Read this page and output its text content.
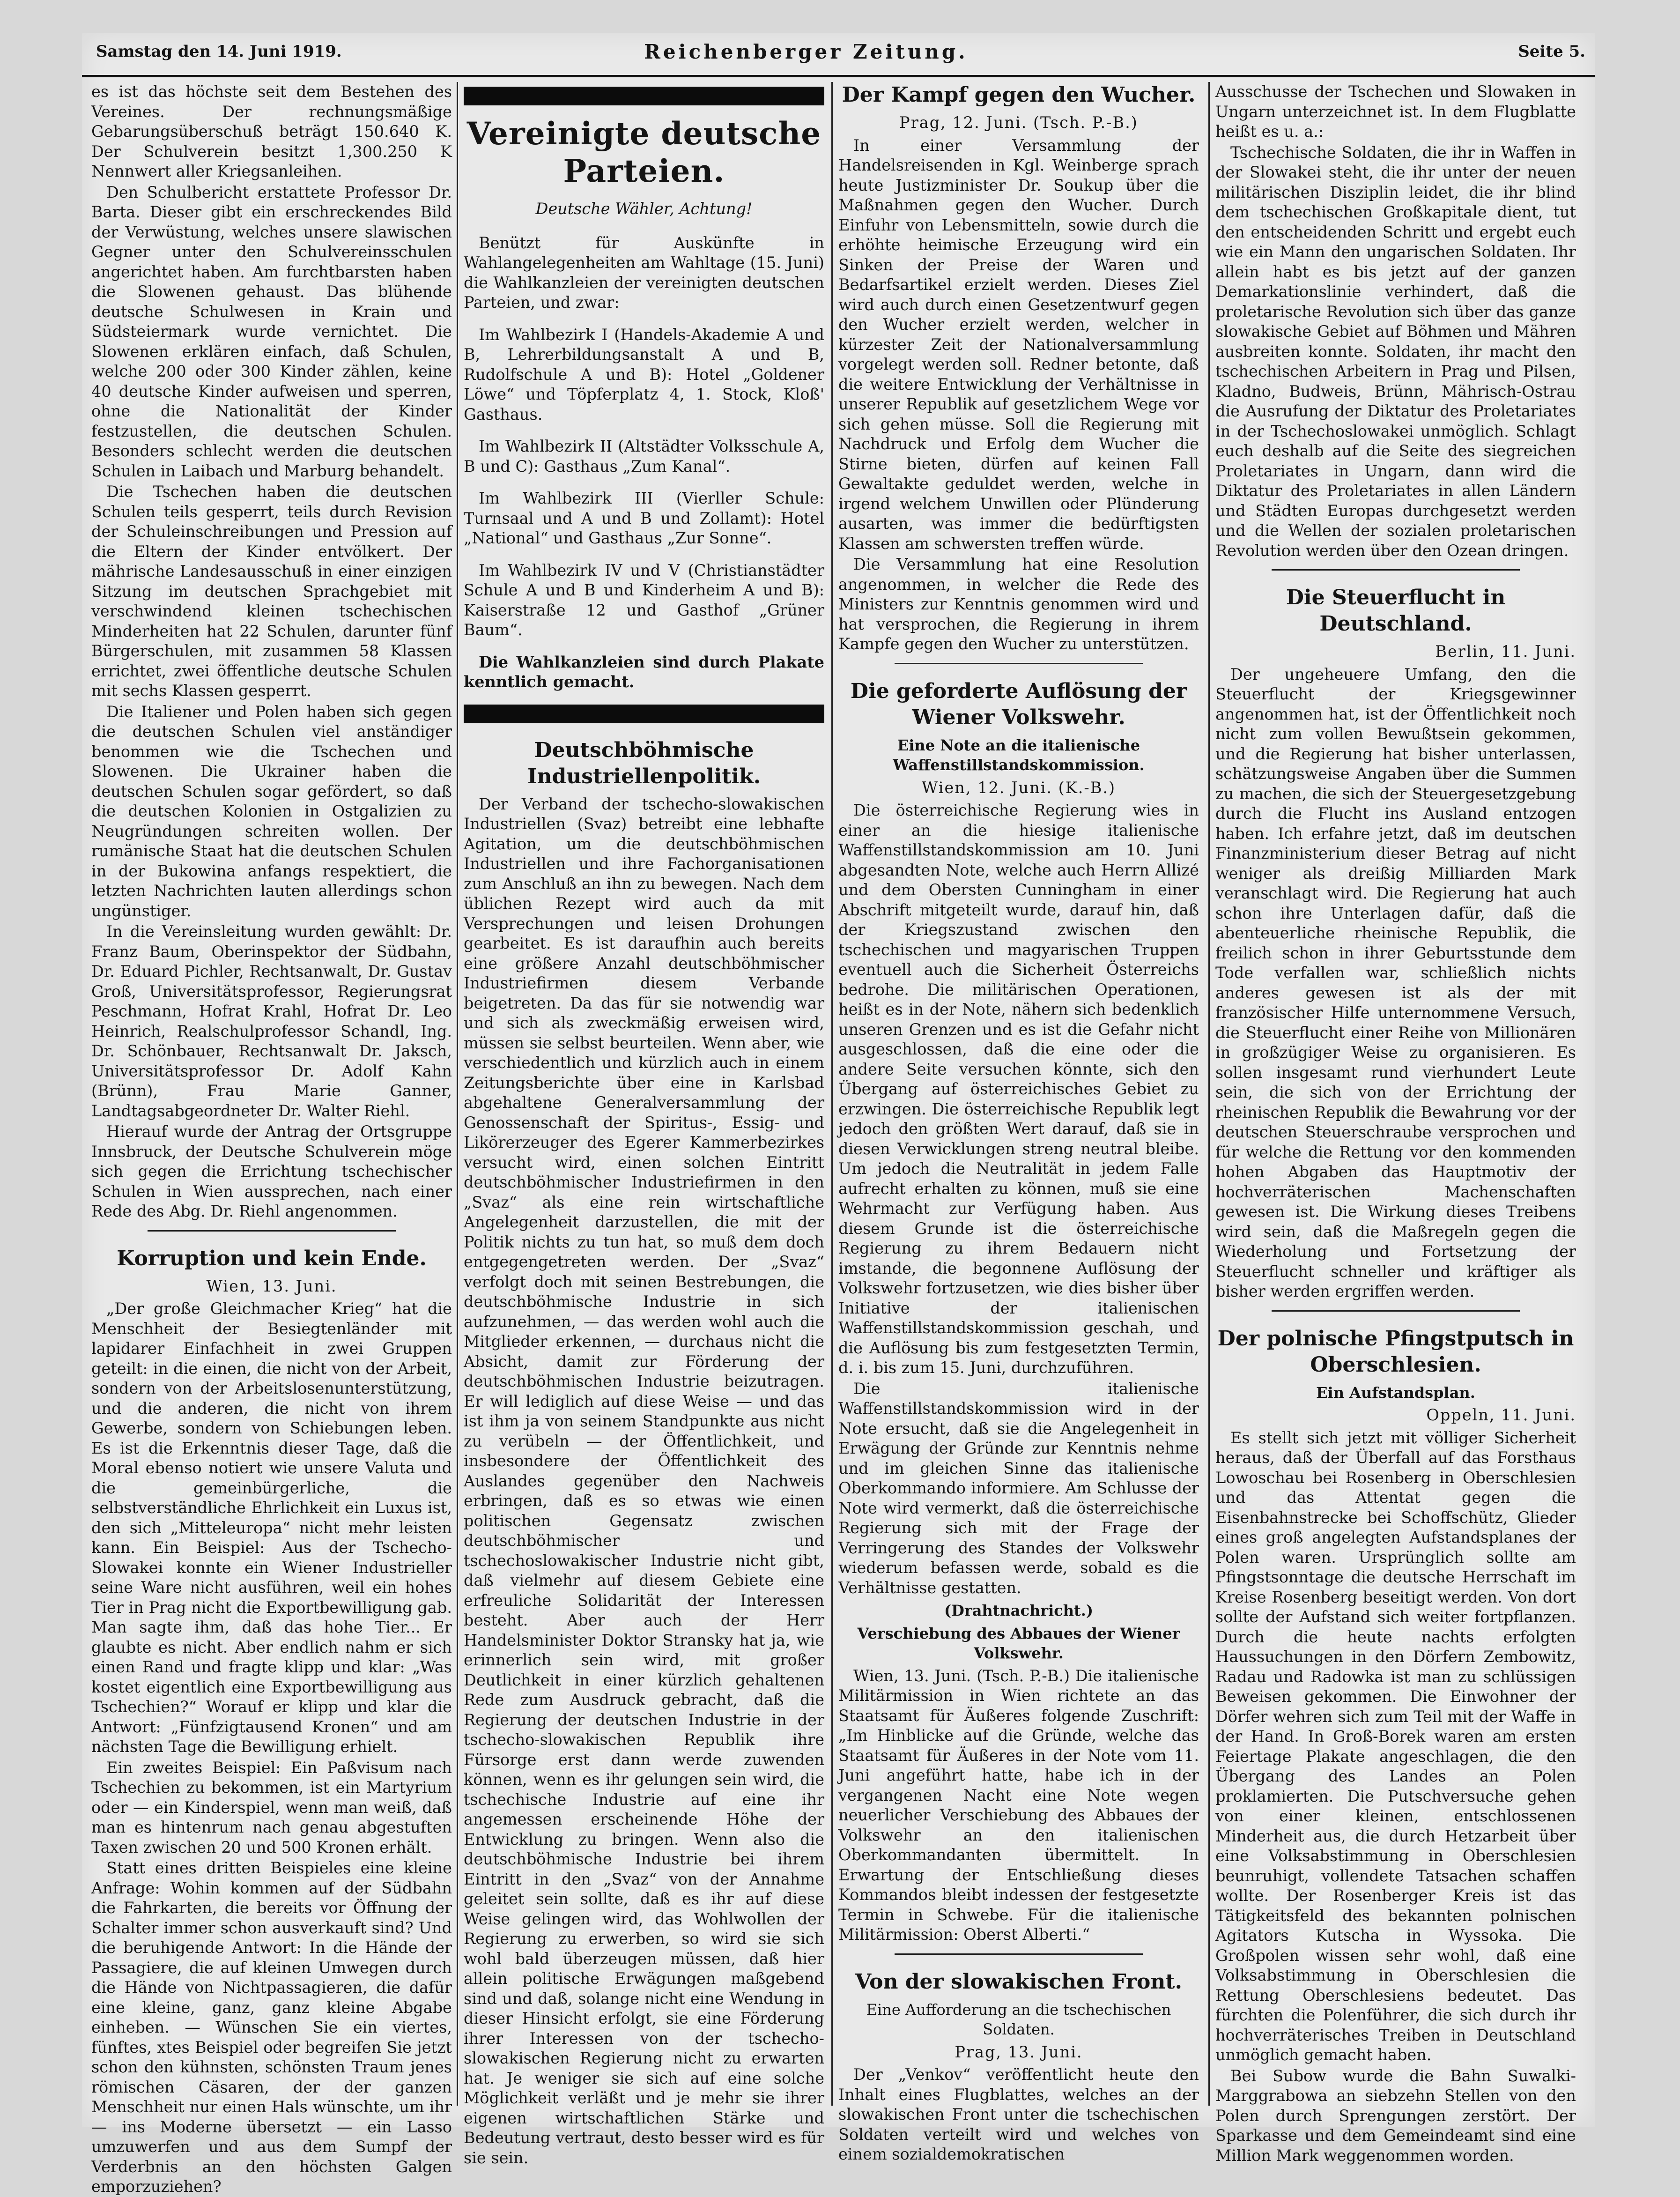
Samstag den 14. Juni 1919.	Reichenberger Zeitung.	Seite 5.

es ist das höchste seit dem Bestehen des Vereines. Der rechnungsmäßige Gebarungsüberschuß beträgt 150.640 K. Der Schulverein besitzt 1,300.250 K Nennwert aller Kriegsanleihen.

Den Schulbericht erstattete Professor Dr. Barta. Dieser gibt ein erschreckendes Bild der Verwüstung, welches unsere slawischen Gegner unter den Schulvereinsschulen angerichtet haben. Am furchtbarsten haben die Slowenen gehaust. Das blühende deutsche Schulwesen in Krain und Südsteiermark wurde vernichtet. Die Slowenen erklären einfach, daß Schulen, welche 200 oder 300 Kinder zählen, keine 40 deutsche Kinder aufweisen und sperren, ohne die Nationalität der Kinder festzustellen, die deutschen Schulen. Besonders schlecht werden die deutschen Schulen in Laibach und Marburg behandelt.

Die Tschechen haben die deutschen Schulen teils gesperrt, teils durch Revision der Schuleinschreibungen und Pression auf die Eltern der Kinder entvölkert. Der mährische Landesausschuß in einer einzigen Sitzung im deutschen Sprachgebiet mit verschwindend kleinen tschechischen Minderheiten hat 22 Schulen, darunter fünf Bürgerschulen, mit zusammen 58 Klassen errichtet, zwei öffentliche deutsche Schulen mit sechs Klassen gesperrt.

Die Italiener und Polen haben sich gegen die deutschen Schulen viel anständiger benommen wie die Tschechen und Slowenen. Die Ukrainer haben die deutschen Schulen sogar gefördert, so daß die deutschen Kolonien in Ostgalizien zu Neugründungen schreiten wollen. Der rumänische Staat hat die deutschen Schulen in der Bukowina anfangs respektiert, die letzten Nachrichten lauten allerdings schon ungünstiger.

In die Vereinsleitung wurden gewählt: Dr. Franz Baum, Oberinspektor der Südbahn, Dr. Eduard Pichler, Rechtsanwalt, Dr. Gustav Groß, Universitätsprofessor, Regierungsrat Peschmann, Hofrat Krahl, Hofrat Dr. Leo Heinrich, Realschulprofessor Schandl, Ing. Dr. Schönbauer, Rechtsanwalt Dr. Jaksch, Universitätsprofessor Dr. Adolf Kahn (Brünn), Frau Marie Ganner, Landtagsabgeordneter Dr. Walter Riehl.

Hierauf wurde der Antrag der Ortsgruppe Innsbruck, der Deutsche Schulverein möge sich gegen die Errichtung tschechischer Schulen in Wien aussprechen, nach einer Rede des Abg. Dr. Riehl angenommen.

Korruption und kein Ende.
Wien, 13. Juni.

„Der große Gleichmacher Krieg“ hat die Menschheit der Besiegtenländer mit lapidarer Einfachheit in zwei Gruppen geteilt: in die einen, die nicht von der Arbeit, sondern von der Arbeitslosenunterstützung, und die anderen, die nicht von ihrem Gewerbe, sondern von Schiebungen leben. Es ist die Erkenntnis dieser Tage, daß die Moral ebenso notiert wie unsere Valuta und die gemeinbürgerliche, die selbstverständliche Ehrlichkeit ein Luxus ist, den sich „Mitteleuropa“ nicht mehr leisten kann. Ein Beispiel: Aus der Tschecho-Slowakei konnte ein Wiener Industrieller seine Ware nicht ausführen, weil ein hohes Tier in Prag nicht die Exportbewilligung gab. Man sagte ihm, daß das hohe Tier... Er glaubte es nicht. Aber endlich nahm er sich einen Rand und fragte klipp und klar: „Was kostet eigentlich eine Exportbewilligung aus Tschechien?“ Worauf er klipp und klar die Antwort: „Fünfzigtausend Kronen“ und am nächsten Tage die Bewilligung erhielt.

Ein zweites Beispiel: Ein Paßvisum nach Tschechien zu bekommen, ist ein Martyrium oder — ein Kinderspiel, wenn man weiß, daß man es hintenrum nach genau abgestuften Taxen zwischen 20 und 500 Kronen erhält.

Statt eines dritten Beispieles eine kleine Anfrage: Wohin kommen auf der Südbahn die Fahrkarten, die bereits vor Öffnung der Schalter immer schon ausverkauft sind? Und die beruhigende Antwort: In die Hände der Passagiere, die auf kleinen Umwegen durch die Hände von Nichtpassagieren, die dafür eine kleine, ganz, ganz kleine Abgabe einheben. — Wünschen Sie ein viertes, fünftes, xtes Beispiel oder begreifen Sie jetzt schon den kühnsten, schönsten Traum jenes römischen Cäsaren, der der ganzen Menschheit nur einen Hals wünschte, um ihr — ins Moderne übersetzt — ein Lasso umzuwerfen und aus dem Sumpf der Verderbnis an den höchsten Galgen emporzuziehen?

Vereinigte deutsche Parteien.
Deutsche Wähler, Achtung!

Benützt für Auskünfte in Wahlangelegenheiten am Wahltage (15. Juni) die Wahlkanzleien der vereinigten deutschen Parteien, und zwar:

Im Wahlbezirk I (Handels-Akademie A und B, Lehrerbildungsanstalt A und B, Rudolfschule A und B): Hotel „Goldener Löwe“ und Töpferplatz 4, 1. Stock, Kloß' Gasthaus.

Im Wahlbezirk II (Altstädter Volksschule A, B und C): Gasthaus „Zum Kanal“.

Im Wahlbezirk III (Vierller Schule: Turnsaal und A und B und Zollamt): Hotel „National“ und Gasthaus „Zur Sonne“.

Im Wahlbezirk IV und V (Christianstädter Schule A und B und Kinderheim A und B): Kaiserstraße 12 und Gasthof „Grüner Baum“.

Die Wahlkanzleien sind durch Plakate kenntlich gemacht.

Deutschböhmische Industriellenpolitik.

Der Verband der tschecho-slowakischen Industriellen (Svaz) betreibt eine lebhafte Agitation, um die deutschböhmischen Industriellen und ihre Fachorganisationen zum Anschluß an ihn zu bewegen. Nach dem üblichen Rezept wird auch da mit Versprechungen und leisen Drohungen gearbeitet. Es ist daraufhin auch bereits eine größere Anzahl deutschböhmischer Industriefirmen diesem Verbande beigetreten. Da das für sie notwendig war und sich als zweckmäßig erweisen wird, müssen sie selbst beurteilen. Wenn aber, wie verschiedentlich und kürzlich auch in einem Zeitungsberichte über eine in Karlsbad abgehaltene Generalversammlung der Genossenschaft der Spiritus-, Essig- und Likörerzeuger des Egerer Kammerbezirkes versucht wird, einen solchen Eintritt deutschböhmischer Industriefirmen in den „Svaz“ als eine rein wirtschaftliche Angelegenheit darzustellen, die mit der Politik nichts zu tun hat, so muß dem doch entgegengetreten werden. Der „Svaz“ verfolgt doch mit seinen Bestrebungen, die deutschböhmische Industrie in sich aufzunehmen, — das werden wohl auch die Mitglieder erkennen, — durchaus nicht die Absicht, damit zur Förderung der deutschböhmischen Industrie beizutragen. Er will lediglich auf diese Weise — und das ist ihm ja von seinem Standpunkte aus nicht zu verübeln — der Öffentlichkeit, und insbesondere der Öffentlichkeit des Auslandes gegenüber den Nachweis erbringen, daß es so etwas wie einen politischen Gegensatz zwischen deutschböhmischer und tschechoslowakischer Industrie nicht gibt, daß vielmehr auf diesem Gebiete eine erfreuliche Solidarität der Interessen besteht. Aber auch der Herr Handelsminister Doktor Stransky hat ja, wie erinnerlich sein wird, mit großer Deutlichkeit in einer kürzlich gehaltenen Rede zum Ausdruck gebracht, daß die Regierung der deutschen Industrie in der tschecho-slowakischen Republik ihre Fürsorge erst dann werde zuwenden können, wenn es ihr gelungen sein wird, die tschechische Industrie auf eine ihr angemessen erscheinende Höhe der Entwicklung zu bringen. Wenn also die deutschböhmische Industrie bei ihrem Eintritt in den „Svaz“ von der Annahme geleitet sein sollte, daß es ihr auf diese Weise gelingen wird, das Wohlwollen der Regierung zu erwerben, so wird sie sich wohl bald überzeugen müssen, daß hier allein politische Erwägungen maßgebend sind und daß, solange nicht eine Wendung in dieser Hinsicht erfolgt, sie eine Förderung ihrer Interessen von der tschecho-slowakischen Regierung nicht zu erwarten hat. Je weniger sie sich auf eine solche Möglichkeit verläßt und je mehr sie ihrer eigenen wirtschaftlichen Stärke und Bedeutung vertraut, desto besser wird es für sie sein.

Der Kampf gegen den Wucher.
Prag, 12. Juni. (Tsch. P.-B.)

In einer Versammlung der Handelsreisenden in Kgl. Weinberge sprach heute Justizminister Dr. Soukup über die Maßnahmen gegen den Wucher. Durch Einfuhr von Lebensmitteln, sowie durch die erhöhte heimische Erzeugung wird ein Sinken der Preise der Waren und Bedarfsartikel erzielt werden. Dieses Ziel wird auch durch einen Gesetzentwurf gegen den Wucher erzielt werden, welcher in kürzester Zeit der Nationalversammlung vorgelegt werden soll. Redner betonte, daß die weitere Entwicklung der Verhältnisse in unserer Republik auf gesetzlichem Wege vor sich gehen müsse. Soll die Regierung mit Nachdruck und Erfolg dem Wucher die Stirne bieten, dürfen auf keinen Fall Gewaltakte geduldet werden, welche in irgend welchem Unwillen oder Plünderung ausarten, was immer die bedürftigsten Klassen am schwersten treffen würde.

Die Versammlung hat eine Resolution angenommen, in welcher die Rede des Ministers zur Kenntnis genommen wird und hat versprochen, die Regierung in ihrem Kampfe gegen den Wucher zu unterstützen.

Die geforderte Auflösung der Wiener Volkswehr.
Eine Note an die italienische Waffenstillstandskommission.
Wien, 12. Juni. (K.-B.)

Die österreichische Regierung wies in einer an die hiesige italienische Waffenstillstandskommission am 10. Juni abgesandten Note, welche auch Herrn Allizé und dem Obersten Cunningham in einer Abschrift mitgeteilt wurde, darauf hin, daß der Kriegszustand zwischen den tschechischen und magyarischen Truppen eventuell auch die Sicherheit Österreichs bedrohe. Die militärischen Operationen, heißt es in der Note, nähern sich bedenklich unseren Grenzen und es ist die Gefahr nicht ausgeschlossen, daß die eine oder die andere Seite versuchen könnte, sich den Übergang auf österreichisches Gebiet zu erzwingen. Die österreichische Republik legt jedoch den größten Wert darauf, daß sie in diesen Verwicklungen streng neutral bleibe. Um jedoch die Neutralität in jedem Falle aufrecht erhalten zu können, muß sie eine Wehrmacht zur Verfügung haben. Aus diesem Grunde ist die österreichische Regierung zu ihrem Bedauern nicht imstande, die begonnene Auflösung der Volkswehr fortzusetzen, wie dies bisher über Initiative der italienischen Waffenstillstandskommission geschah, und die Auflösung bis zum festgesetzten Termin, d. i. bis zum 15. Juni, durchzuführen.

Die italienische Waffenstillstandskommission wird in der Note ersucht, daß sie die Angelegenheit in Erwägung der Gründe zur Kenntnis nehme und im gleichen Sinne das italienische Oberkommando informiere. Am Schlusse der Note wird vermerkt, daß die österreichische Regierung sich mit der Frage der Verringerung des Standes der Volkswehr wiederum befassen werde, sobald es die Verhältnisse gestatten.

(Drahtnachricht.)
Verschiebung des Abbaues der Wiener Volkswehr.

Wien, 13. Juni. (Tsch. P.-B.) Die italienische Militärmission in Wien richtete an das Staatsamt für Äußeres folgende Zuschrift: „Im Hinblicke auf die Gründe, welche das Staatsamt für Äußeres in der Note vom 11. Juni angeführt hatte, habe ich in der vergangenen Nacht eine Note wegen neuerlicher Verschiebung des Abbaues der Volkswehr an den italienischen Oberkommandanten übermittelt. In Erwartung der Entschließung dieses Kommandos bleibt indessen der festgesetzte Termin in Schwebe. Für die italienische Militärmission: Oberst Alberti.“

Von der slowakischen Front.
Eine Aufforderung an die tschechischen Soldaten.
Prag, 13. Juni.

Der „Venkov“ veröffentlicht heute den Inhalt eines Flugblattes, welches an der slowakischen Front unter die tschechischen Soldaten verteilt wird und welches von einem sozialdemokratischen

Ausschusse der Tschechen und Slowaken in Ungarn unterzeichnet ist. In dem Flugblatte heißt es u. a.:

Tschechische Soldaten, die ihr in Waffen in der Slowakei steht, die ihr unter der neuen militärischen Disziplin leidet, die ihr blind dem tschechischen Großkapitale dient, tut den entscheidenden Schritt und ergebt euch wie ein Mann den ungarischen Soldaten. Ihr allein habt es bis jetzt auf der ganzen Demarkationslinie verhindert, daß die proletarische Revolution sich über das ganze slowakische Gebiet auf Böhmen und Mähren ausbreiten konnte. Soldaten, ihr macht den tschechischen Arbeitern in Prag und Pilsen, Kladno, Budweis, Brünn, Mährisch-Ostrau die Ausrufung der Diktatur des Proletariates in der Tschechoslowakei unmöglich. Schlagt euch deshalb auf die Seite des siegreichen Proletariates in Ungarn, dann wird die Diktatur des Proletariates in allen Ländern und Städten Europas durchgesetzt werden und die Wellen der sozialen proletarischen Revolution werden über den Ozean dringen.

Die Steuerflucht in Deutschland.
Berlin, 11. Juni.

Der ungeheuere Umfang, den die Steuerflucht der Kriegsgewinner angenommen hat, ist der Öffentlichkeit noch nicht zum vollen Bewußtsein gekommen, und die Regierung hat bisher unterlassen, schätzungsweise Angaben über die Summen zu machen, die sich der Steuergesetzgebung durch die Flucht ins Ausland entzogen haben. Ich erfahre jetzt, daß im deutschen Finanzministerium dieser Betrag auf nicht weniger als dreißig Milliarden Mark veranschlagt wird. Die Regierung hat auch schon ihre Unterlagen dafür, daß die abenteuerliche rheinische Republik, die freilich schon in ihrer Geburtsstunde dem Tode verfallen war, schließlich nichts anderes gewesen ist als der mit französischer Hilfe unternommene Versuch, die Steuerflucht einer Reihe von Millionären in großzügiger Weise zu organisieren. Es sollen insgesamt rund vierhundert Leute sein, die sich von der Errichtung der rheinischen Republik die Bewahrung vor der deutschen Steuerschraube versprochen und für welche die Rettung vor den kommenden hohen Abgaben das Hauptmotiv der hochverräterischen Machenschaften gewesen ist. Die Wirkung dieses Treibens wird sein, daß die Maßregeln gegen die Wiederholung und Fortsetzung der Steuerflucht schneller und kräftiger als bisher werden ergriffen werden.

Der polnische Pfingstputsch in Oberschlesien.
Ein Aufstandsplan.
Oppeln, 11. Juni.

Es stellt sich jetzt mit völliger Sicherheit heraus, daß der Überfall auf das Forsthaus Lowoschau bei Rosenberg in Oberschlesien und das Attentat gegen die Eisenbahnstrecke bei Schoffschütz, Glieder eines groß angelegten Aufstandsplanes der Polen waren. Ursprünglich sollte am Pfingstsonntage die deutsche Herrschaft im Kreise Rosenberg beseitigt werden. Von dort sollte der Aufstand sich weiter fortpflanzen. Durch die heute nachts erfolgten Haussuchungen in den Dörfern Zembowitz, Radau und Radowka ist man zu schlüssigen Beweisen gekommen. Die Einwohner der Dörfer wehren sich zum Teil mit der Waffe in der Hand. In Groß-Borek waren am ersten Feiertage Plakate angeschlagen, die den Übergang des Landes an Polen proklamierten. Die Putschversuche gehen von einer kleinen, entschlossenen Minderheit aus, die durch Hetzarbeit über eine Volksabstimmung in Oberschlesien beunruhigt, vollendete Tatsachen schaffen wollte. Der Rosenberger Kreis ist das Tätigkeitsfeld des bekannten polnischen Agitators Kutscha in Wyssoka. Die Großpolen wissen sehr wohl, daß eine Volksabstimmung in Oberschlesien die Rettung Oberschlesiens bedeutet. Das fürchten die Polenführer, die sich durch ihr hochverräterisches Treiben in Deutschland unmöglich gemacht haben.

Bei Subow wurde die Bahn Suwalki-Marggrabowa an siebzehn Stellen von den Polen durch Sprengungen zerstört. Der Sparkasse und dem Gemeindeamt sind eine Million Mark weggenommen worden.
